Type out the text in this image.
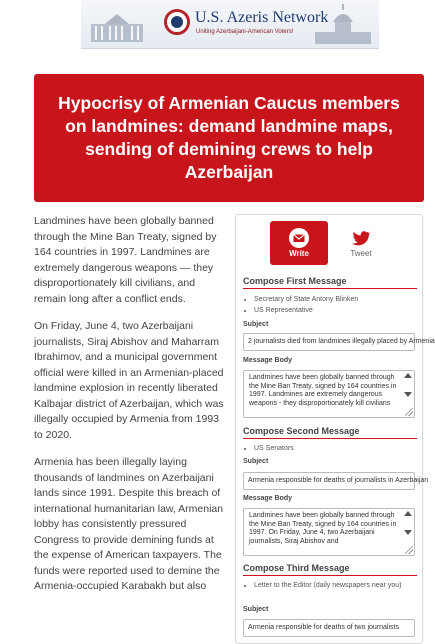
U.S. Azeris Network
Uniting Azerbaijani-American Voters!
Hypocrisy of Armenian Caucus members on landmines: demand landmine maps, sending of demining crews to help Azerbaijan

Landmines have been globally banned through the Mine Ban Treaty, signed by 164 countries in 1997. Landmines are extremely dangerous weapons — they disproportionately kill civilians, and remain long after a conflict ends.

On Friday, June 4, two Azerbaijani journalists, Siraj Abishov and Maharram Ibrahimov, and a municipal government official were killed in an Armenian-placed landmine explosion in recently liberated Kalbajar district of Azerbaijan, which was illegally occupied by Armenia from 1993 to 2020.

Armenia has been illegally laying thousands of landmines on Azerbaijani lands since 1991. Despite this breach of international humanitarian law, Armenian lobby has consistently pressured Congress to provide demining funds at the expense of American taxpayers. The funds were reported used to demine the Armenia-occupied Karabakh but also

Write	Tweet
Compose First Message
• Secretary of State Antony Blinken
• US Representative
Subject
2 journalists died from landmines illegally placed by Armenia
Message Body
Landmines have been globally banned through the Mine Ban Treaty, signed by 164 countries in 1997. Landmines are extremely dangerous weapons - they disproportionately kill civilians
Compose Second Message
• US Senators
Subject
Armenia responsible for deaths of journalists in Azerbaijan
Message Body
Landmines have been globally banned through the Mine Ban Treaty, signed by 164 countries in 1997. On Friday, June 4, two Azerbaijani journalists, Siraj Abishov and
Compose Third Message
• Letter to the Editor (daily newspapers near you)
Subject
Armenia responsible for deaths of two journalists
